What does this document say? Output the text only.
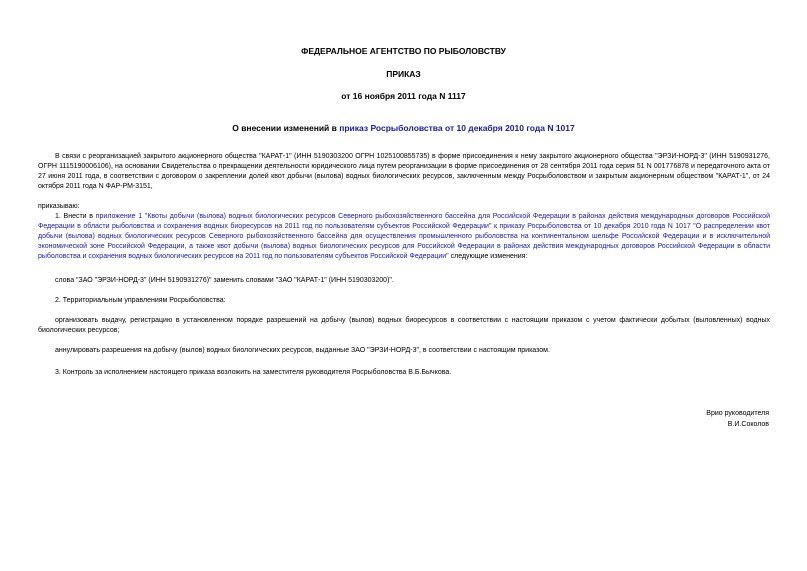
ФЕДЕРАЛЬНОЕ АГЕНТСТВО ПО РЫБОЛОВСТВУ
ПРИКАЗ
от 16 ноября 2011 года N 1117
О внесении изменений в приказ Росрыболовства от 10 декабря 2010 года N 1017

В связи с реорганизацией закрытого акционерного общества "КАРАТ-1" (ИНН 5190303200 ОГРН 1025100855735) в форме присоединения к нему закрытого акционерного общества "ЭРЗИ-НОРД-3" (ИНН 5190931276, ОГРН 1115190006106), на основании Свидетельства о прекращении деятельности юридического лица путем реорганизации в форме присоединения от 28 сентября 2011 года серия 51 N 001776878 и передаточного акта от 27 июня 2011 года, в соответствии с договором о закреплении долей квот добычи (вылова) водных биологических ресурсов, заключенным между Росрыболовством и закрытым акционерным обществом "КАРАТ-1", от 24 октября 2011 года N ФАР-РМ-3151,

приказываю:

1. Внести в приложение 1 "Квоты добычи (вылова) водных биологических ресурсов Северного рыбохозяйственного бассейна для Российской Федерации в районах действия международных договоров Российской Федерации в области рыболовства и сохранения водных биоресурсов на 2011 год по пользователям субъектов Российской Федерации" к приказу Росрыболовства от 10 декабря 2010 года N 1017 "О распределении квот добычи (вылова) водных биологических ресурсов Северного рыбохозяйственного бассейна для осуществления промышленного рыболовства на континентальном шельфе Российской Федерации и в исключительной экономической зоне Российской Федерации, а также квот добычи (вылова) водных биологических ресурсов для Российской Федерации в районах действия международных договоров Российской Федерации в области рыболовства и сохранения водных биологических ресурсов на 2011 год по пользователям субъектов Российской Федерации" следующие изменения:

слова "ЗАО "ЭРЗИ-НОРД-3" (ИНН 5190931276)" заменить словами "ЗАО "КАРАТ-1" (ИНН 5190303200)".

2. Территориальным управлениям Росрыболовства:

организовать выдачу, регистрацию в установленном порядке разрешений на добычу (вылов) водных биоресурсов в соответствии с настоящим приказом с учетом фактически добытых (выловленных) водных биологических ресурсов;

аннулировать разрешения на добычу (вылов) водных биологических ресурсов, выданные ЗАО "ЭРЗИ-НОРД-3", в соответствии с настоящим приказом.

3. Контроль за исполнением настоящего приказа возложить на заместителя руководителя Росрыболовства В.Б.Бычкова.

Врио руководителя
В.И.Соколов
